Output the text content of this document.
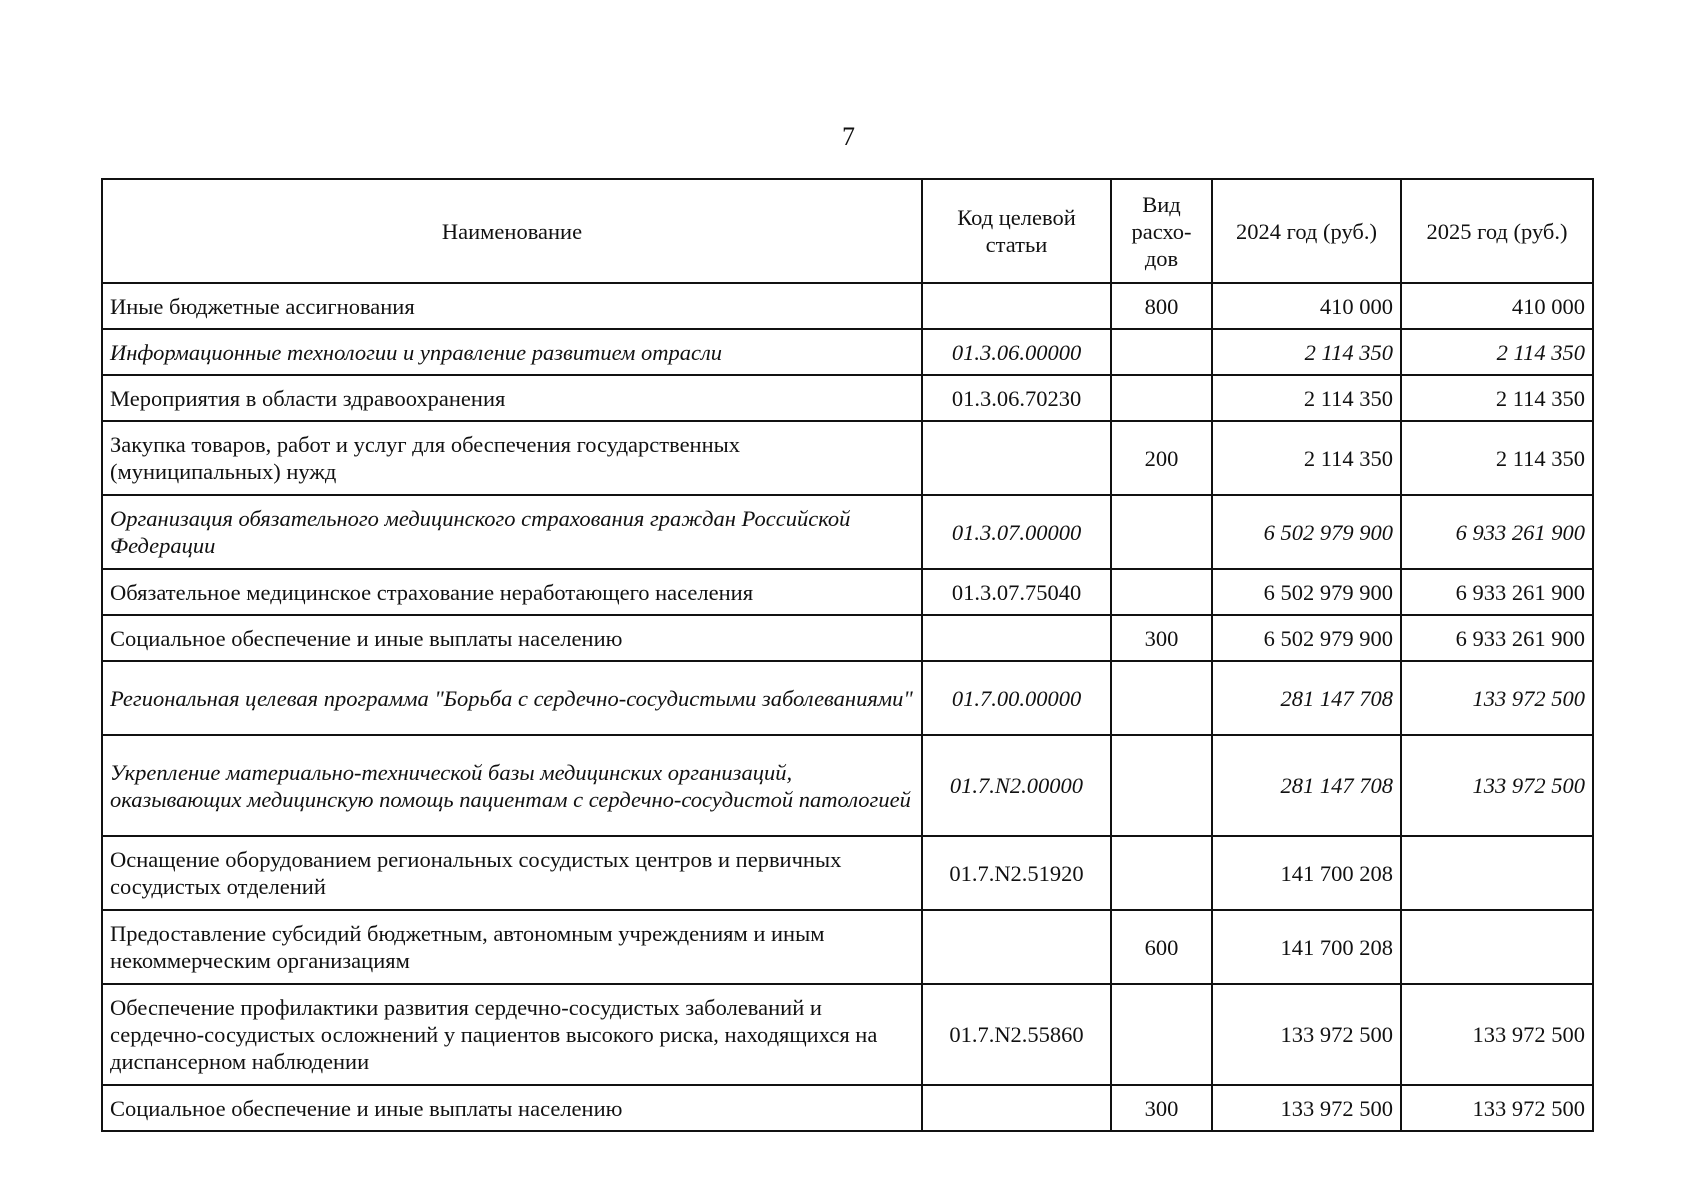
7
Наименование	Код целевой статьи	Вид расхо-дов	2024 год (руб.)	2025 год (руб.)
Иные бюджетные ассигнования		800	410 000	410 000
Информационные технологии и управление развитием отрасли	01.3.06.00000		2 114 350	2 114 350
Мероприятия в области здравоохранения	01.3.06.70230		2 114 350	2 114 350
Закупка товаров, работ и услуг для обеспечения государственных (муниципальных) нужд		200	2 114 350	2 114 350
Организация обязательного медицинского страхования граждан Российской Федерации	01.3.07.00000		6 502 979 900	6 933 261 900
Обязательное медицинское страхование неработающего населения	01.3.07.75040		6 502 979 900	6 933 261 900
Социальное обеспечение и иные выплаты населению		300	6 502 979 900	6 933 261 900
Региональная целевая программа "Борьба с сердечно-сосудистыми заболеваниями"	01.7.00.00000		281 147 708	133 972 500
Укрепление материально-технической базы медицинских организаций, оказывающих медицинскую помощь пациентам с сердечно-сосудистой патологией	01.7.N2.00000		281 147 708	133 972 500
Оснащение оборудованием региональных сосудистых центров и первичных сосудистых отделений	01.7.N2.51920		141 700 208	
Предоставление субсидий бюджетным, автономным учреждениям и иным некоммерческим организациям		600	141 700 208	
Обеспечение профилактики развития сердечно-сосудистых заболеваний и сердечно-сосудистых осложнений у пациентов высокого риска, находящихся на диспансерном наблюдении	01.7.N2.55860		133 972 500	133 972 500
Социальное обеспечение и иные выплаты населению		300	133 972 500	133 972 500
